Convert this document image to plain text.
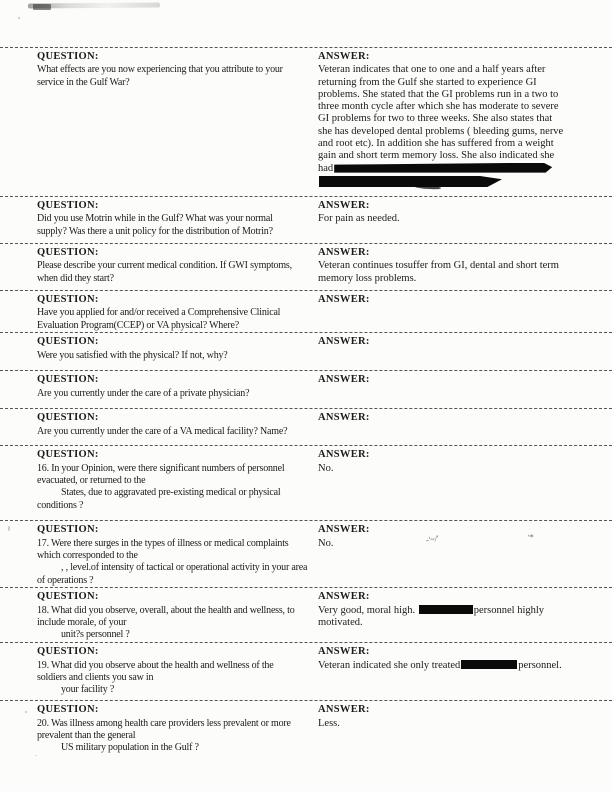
QUESTION:
What effects are you now experiencing that you attribute to your
service in the Gulf War?
ANSWER:
Veteran indicates that one to one and a half years after
returning from the Gulf she started to experience GI
problems. She stated that the GI problems run in a two to
three month cycle after which she has moderate to severe
GI problems for two to three weeks. She also states that
she has developed dental problems ( bleeding gums, nerve
and root etc). In addition she has suffered from a weight
gain and short term memory loss. She also indicated she
had
QUESTION:
Did you use Motrin while in the Gulf? What was your normal
supply? Was there a unit policy for the distribution of Motrin?
ANSWER:
For pain as needed.
QUESTION:
Please describe your current medical condition. If GWI symptoms,
when did they start?
ANSWER:
Veteran continues tosuffer from GI, dental and short term
memory loss problems.
QUESTION:
Have you applied for and/or received a Comprehensive Clinical
Evaluation Program(CCEP) or VA physical? Where?
ANSWER:
QUESTION:
Were you satisfied with the physical? If not, why?
ANSWER:
QUESTION:
Are you currently under the care of a private physician?
ANSWER:
QUESTION:
Are you currently under the care of a VA medical facility? Name?
ANSWER:
QUESTION:
16. In your Opinion, were there significant numbers of personnel
evacuated, or returned to the
States, due to aggravated pre-existing medical or physical
conditions ?
ANSWER:
No.
QUESTION:
17. Were there surges in the types of illness or medical complaints
which corresponded to the
, , level.of intensity of tactical or operational activity in your area
of operations ?
ANSWER:
No.	-'~/'	'*
QUESTION:
18. What did you observe, overall, about the health and wellness, to
include morale, of your
unit?s personnel ?
ANSWER:
Very good, moral high.	personnel highly
motivated.
QUESTION:
19. What did you observe about the health and wellness of the
soldiers and clients you saw in
your facility ?
ANSWER:
Veteran indicated she only treated	personnel.
QUESTION:
20. Was illness among health care providers less prevalent or more
prevalent than the general
US military population in the Gulf ?
ANSWER:
Less.
